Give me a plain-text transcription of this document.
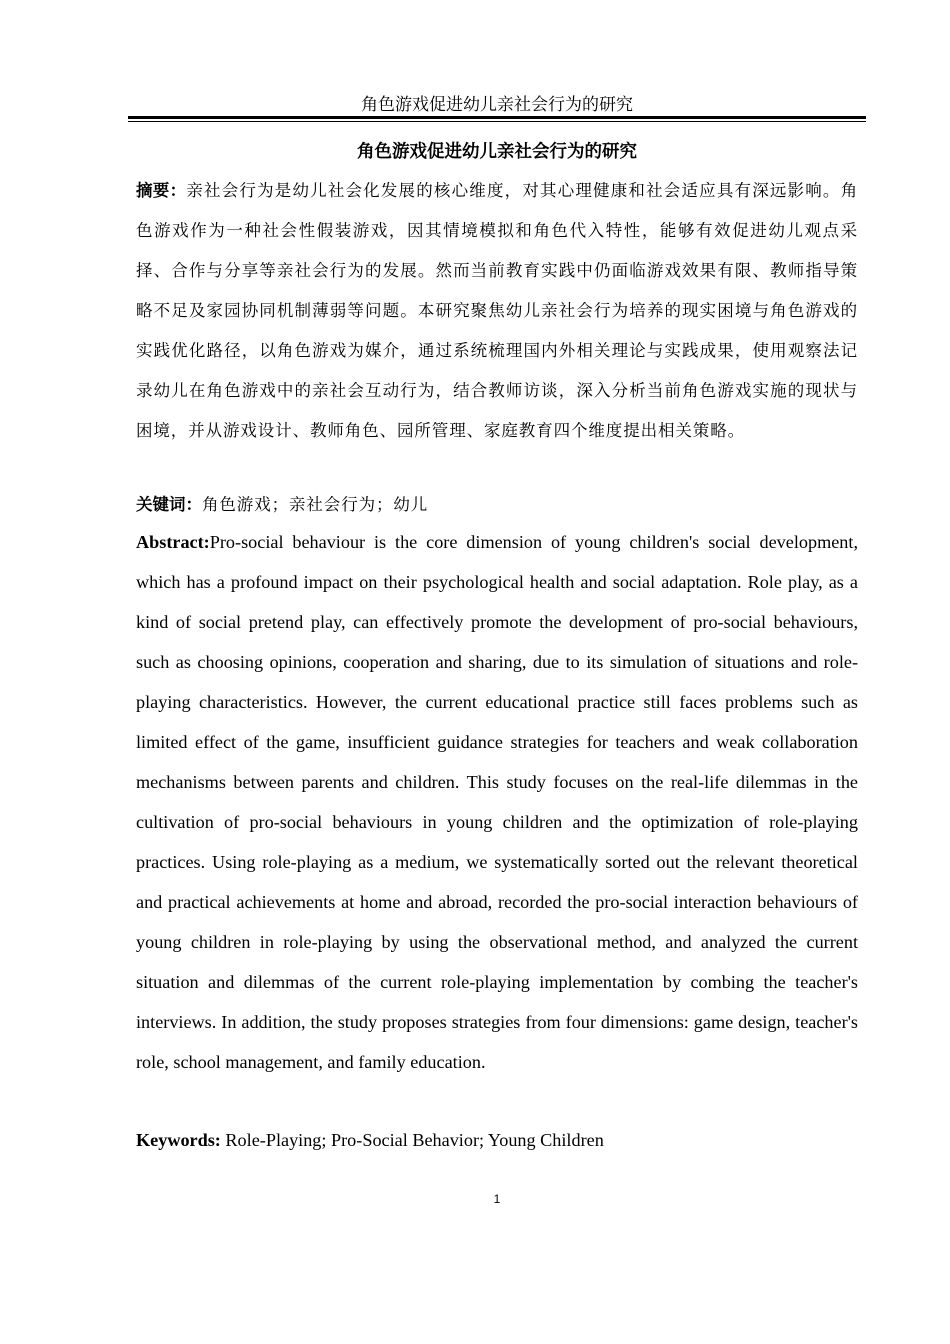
角色游戏促进幼儿亲社会行为的研究
角色游戏促进幼儿亲社会行为的研究

摘要：亲社会行为是幼儿社会化发展的核心维度，对其心理健康和社会适应具有深远影响。角色游戏作为一种社会性假装游戏，因其情境模拟和角色代入特性，能够有效促进幼儿观点采择、合作与分享等亲社会行为的发展。然而当前教育实践中仍面临游戏效果有限、教师指导策略不足及家园协同机制薄弱等问题。本研究聚焦幼儿亲社会行为培养的现实困境与角色游戏的实践优化路径，以角色游戏为媒介，通过系统梳理国内外相关理论与实践成果，使用观察法记录幼儿在角色游戏中的亲社会互动行为，结合教师访谈，深入分析当前角色游戏实施的现状与困境，并从游戏设计、教师角色、园所管理、家庭教育四个维度提出相关策略。

关键词：角色游戏；亲社会行为；幼儿

Abstract:Pro-social behaviour is the core dimension of young children's social development, which has a profound impact on their psychological health and social adaptation. Role play, as a kind of social pretend play, can effectively promote the development of pro-social behaviours, such as choosing opinions, cooperation and sharing, due to its simulation of situations and role-playing characteristics. However, the current educational practice still faces problems such as limited effect of the game, insufficient guidance strategies for teachers and weak collaboration mechanisms between parents and children. This study focuses on the real-life dilemmas in the cultivation of pro-social behaviours in young children and the optimization of role-playing practices. Using role-playing as a medium, we systematically sorted out the relevant theoretical and practical achievements at home and abroad, recorded the pro-social interaction behaviours of young children in role-playing by using the observational method, and analyzed the current situation and dilemmas of the current role-playing implementation by combing the teacher's interviews. In addition, the study proposes strategies from four dimensions: game design, teacher's role, school management, and family education.

Keywords: Role-Playing; Pro-Social Behavior; Young Children

1
